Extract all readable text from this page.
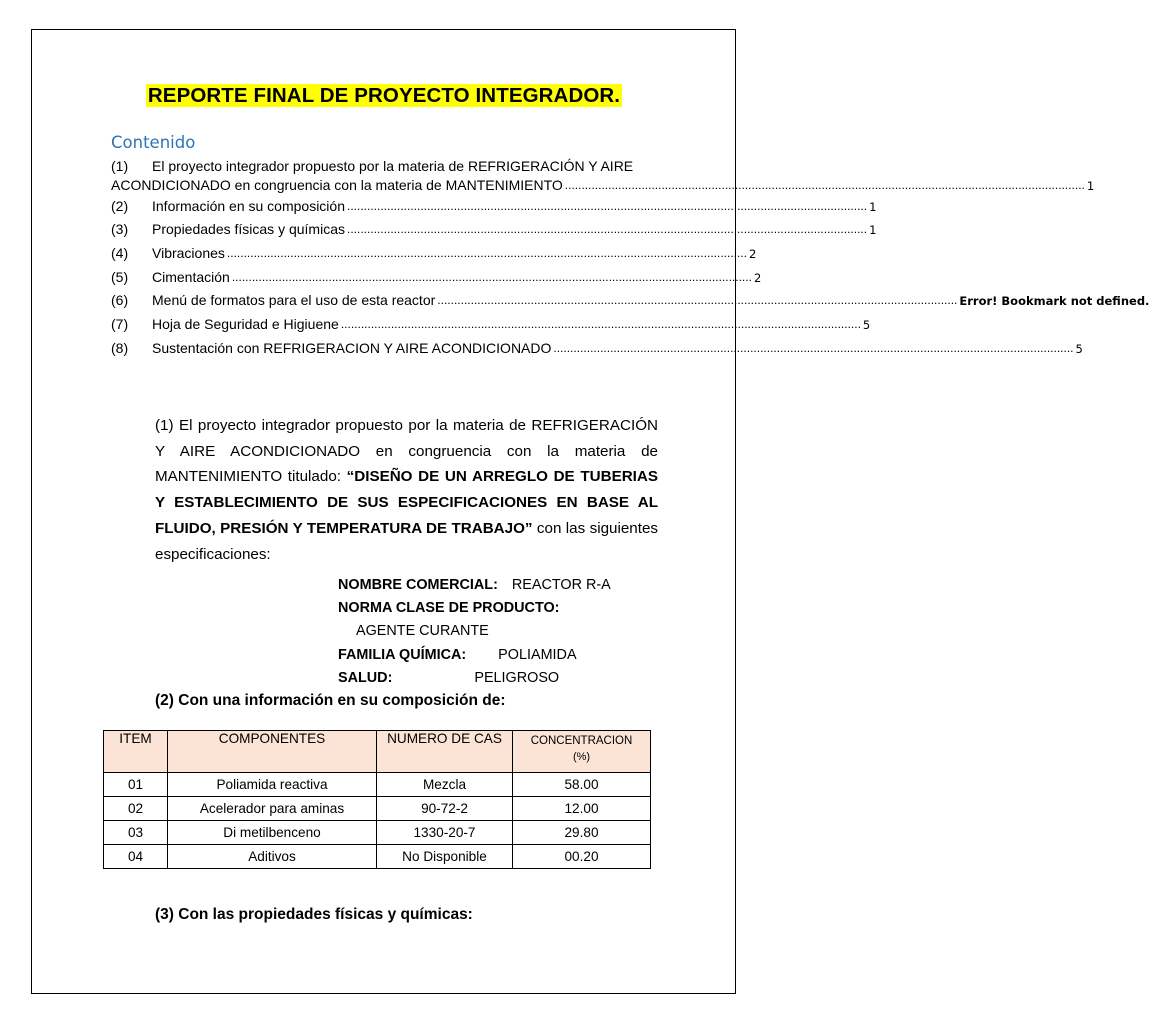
REPORTE FINAL DE PROYECTO INTEGRADOR.
Contenido
(1) El proyecto integrador propuesto por la materia de REFRIGERACIÓN Y AIRE
ACONDICIONADO en congruencia con la materia de MANTENIMIENTO ............................................................................................................................................................ 1
(2) Información en su composición ............................................................................................................................................................ 1
(3) Propiedades físicas y químicas ............................................................................................................................................................ 1
(4) Vibraciones ............................................................................................................................................................ 2
(5) Cimentación ............................................................................................................................................................ 2
(6) Menú de formatos para el uso de esta reactor ............................................................................................................................................................ Error! Bookmark not defined.
(7) Hoja de Seguridad e Higiuene ............................................................................................................................................................ 5
(8) Sustentación con REFRIGERACION Y AIRE ACONDICIONADO ............................................................................................................................................................ 5

(1) El proyecto integrador propuesto por la materia de REFRIGERACIÓN Y AIRE ACONDICIONADO en congruencia con la materia de MANTENIMIENTO titulado: “DISEÑO DE UN ARREGLO DE TUBERIAS Y ESTABLECIMIENTO DE SUS ESPECIFICACIONES EN BASE AL FLUIDO, PRESIÓN Y TEMPERATURA DE TRABAJO” con las siguientes especificaciones:

NOMBRE COMERCIAL: REACTOR R-A
NORMA CLASE DE PRODUCTO: AGENTE CURANTE
FAMILIA QUÍMICA: POLIAMIDA
SALUD:	PELIGROSO
(2) Con una información en su composición de:
ITEM	COMPONENTES	NUMERO DE CAS	CONCENTRACION
(%)

01	Poliamida reactiva	Mezcla	58.00
02	Acelerador para aminas	90-72-2	12.00
03	Di metilbenceno	1330-20-7	29.80
04	Aditivos	No Disponible	00.20
(3) Con las propiedades físicas y químicas:
